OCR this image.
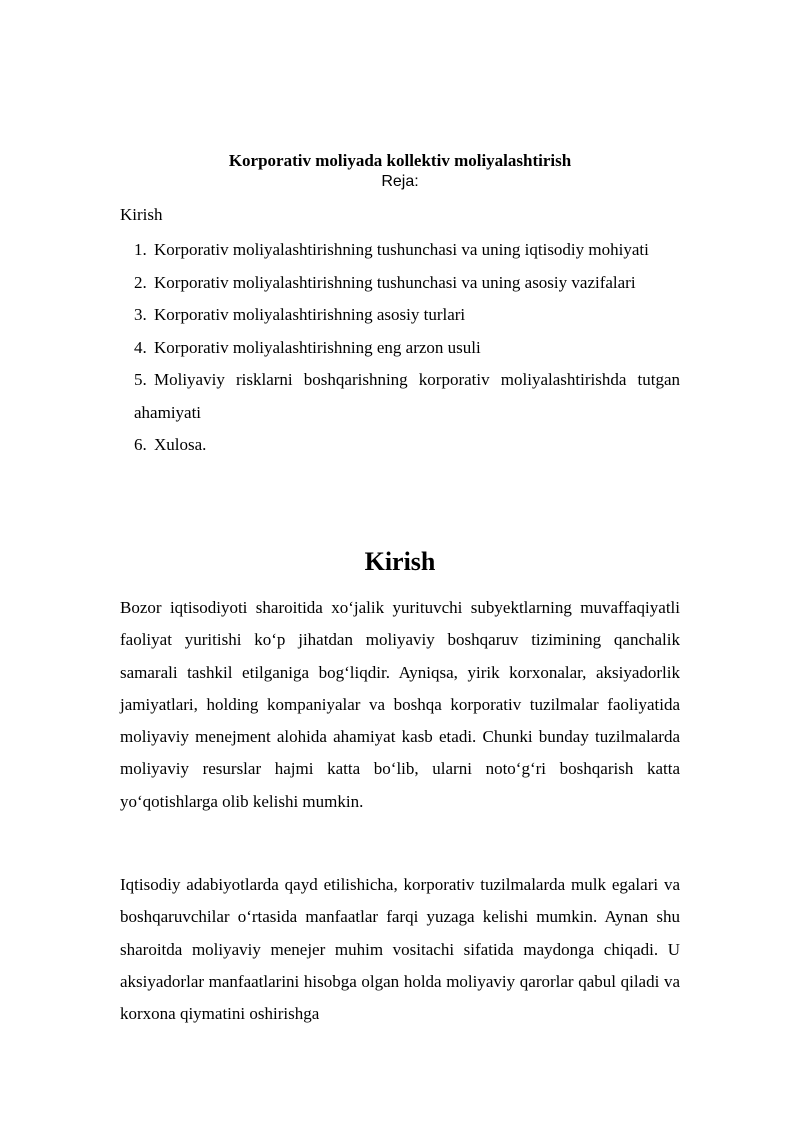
Korporativ moliyada kollektiv moliyalashtirish

Reja:

Kirish

1. Korporativ moliyalashtirishning tushunchasi va uning iqtisodiy mohiyati
2. Korporativ moliyalashtirishning tushunchasi va uning asosiy vazifalari
3. Korporativ moliyalashtirishning asosiy turlari
4. Korporativ moliyalashtirishning eng arzon usuli
5. Moliyaviy risklarni boshqarishning korporativ moliyalashtirishda tutgan ahamiyati
6. Xulosa.
Kirish

Bozor iqtisodiyoti sharoitida xo‘jalik yurituvchi subyektlarning muvaffaqiyatli faoliyat yuritishi ko‘p jihatdan moliyaviy boshqaruv tizimining qanchalik samarali tashkil etilganiga bog‘liqdir. Ayniqsa, yirik korxonalar, aksiyadorlik jamiyatlari, holding kompaniyalar va boshqa korporativ tuzilmalar faoliyatida moliyaviy menejment alohida ahamiyat kasb etadi. Chunki bunday tuzilmalarda moliyaviy resurslar hajmi katta bo‘lib, ularni noto‘g‘ri boshqarish katta yo‘qotishlarga olib kelishi mumkin.

Iqtisodiy adabiyotlarda qayd etilishicha, korporativ tuzilmalarda mulk egalari va boshqaruvchilar o‘rtasida manfaatlar farqi yuzaga kelishi mumkin. Aynan shu sharoitda moliyaviy menejer muhim vositachi sifatida maydonga chiqadi. U aksiyadorlar manfaatlarini hisobga olgan holda moliyaviy qarorlar qabul qiladi va korxona qiymatini oshirishga
